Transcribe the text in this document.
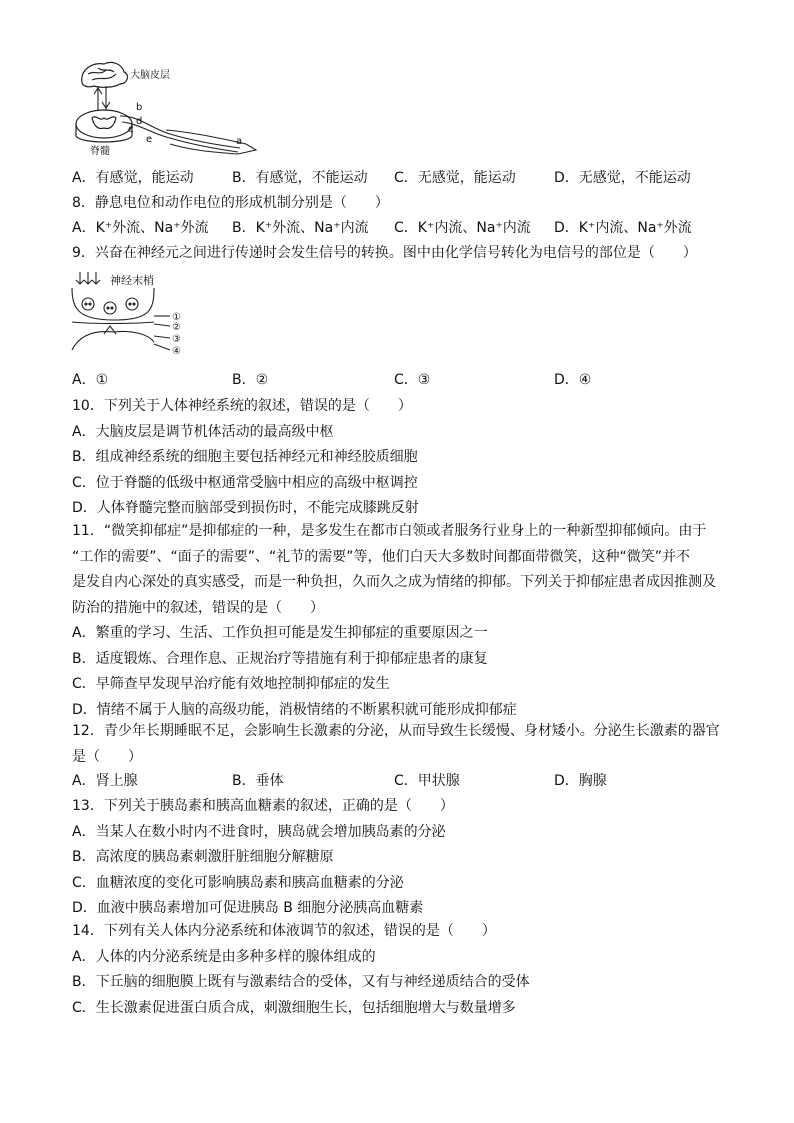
大脑皮层
脊髓
b
c
d
e	a
A．有感觉，能运动	B．有感觉，不能运动 C．无感觉，能运动	D．无感觉，不能运动
8．静息电位和动作电位的形成机制分别是（　　）
A．K⁺外流、Na⁺外流 B．K⁺外流、Na⁺内流 C．K⁺内流、Na⁺内流 D．K⁺内流、Na⁺外流
9．兴奋在神经元之间进行传递时会发生信号的转换。图中由化学信号转化为电信号的部位是（　　）
神经末梢
①
②
③
④
A．①	B．②	C．③	D．④
10．下列关于人体神经系统的叙述，错误的是（　　）
A．大脑皮层是调节机体活动的最高级中枢
B．组成神经系统的细胞主要包括神经元和神经胶质细胞
C．位于脊髓的低级中枢通常受脑中相应的高级中枢调控
D．人体脊髓完整而脑部受到损伤时，不能完成膝跳反射
11．“微笑抑郁症”是抑郁症的一种，是多发生在都市白领或者服务行业身上的一种新型抑郁倾向。由于
“工作的需要”、“面子的需要”、“礼节的需要”等，他们白天大多数时间都面带微笑，这种“微笑”并不
是发自内心深处的真实感受，而是一种负担，久而久之成为情绪的抑郁。下列关于抑郁症患者成因推测及
防治的措施中的叙述，错误的是（　　）
A．繁重的学习、生活、工作负担可能是发生抑郁症的重要原因之一
B．适度锻炼、合理作息、正规治疗等措施有利于抑郁症患者的康复
C．早筛查早发现早治疗能有效地控制抑郁症的发生
D．情绪不属于人脑的高级功能，消极情绪的不断累积就可能形成抑郁症
12．青少年长期睡眠不足，会影响生长激素的分泌，从而导致生长缓慢、身材矮小。分泌生长激素的器官
是（　　）
A．肾上腺	B．垂体	C．甲状腺	D．胸腺
13．下列关于胰岛素和胰高血糖素的叙述，正确的是（　　）
A．当某人在数小时内不进食时，胰岛就会增加胰岛素的分泌
B．高浓度的胰岛素刺激肝脏细胞分解糖原
C．血糖浓度的变化可影响胰岛素和胰高血糖素的分泌
D．血液中胰岛素增加可促进胰岛 B 细胞分泌胰高血糖素
14．下列有关人体内分泌系统和体液调节的叙述，错误的是（　　）
A．人体的内分泌系统是由多种多样的腺体组成的
B．下丘脑的细胞膜上既有与激素结合的受体，又有与神经递质结合的受体
C．生长激素促进蛋白质合成，刺激细胞生长，包括细胞增大与数量增多
